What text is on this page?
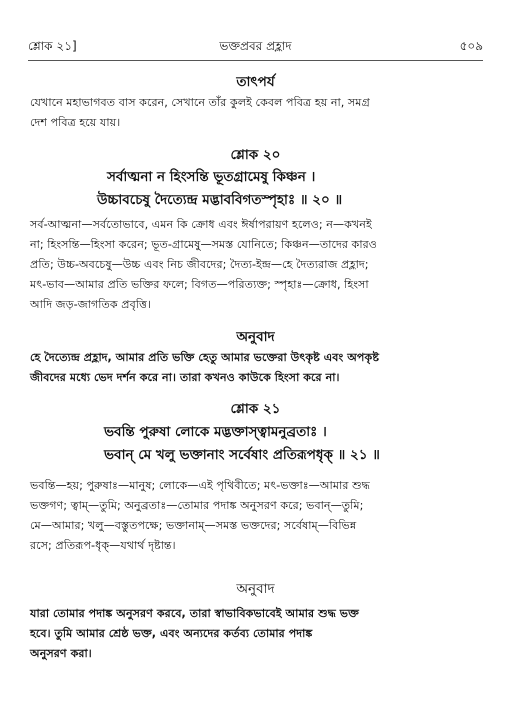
শ্লোক ২১]	ভক্তপ্রবর প্রহ্লাদ	৫০৯
তাৎপর্য
যেখানে মহাভাগবত বাস করেন, সেখানে তাঁর কুলই কেবল পবিত্র হয় না, সমগ্র
দেশ পবিত্র হয়ে যায়।
শ্লোক ২০
সর্বাত্মনা ন হিংসন্তি ভূতগ্রামেষু কিঞ্চন ।
উচ্চাবচেষু দৈত্যেন্দ্র মদ্ভাববিগতস্পৃহাঃ ॥ ২০ ॥
সর্ব-আত্মনা—সর্বতোভাবে, এমন কি ক্রোধ এবং ঈর্ষাপরায়ণ হলেও; ন—কখনই
না; হিংসন্তি—হিংসা করেন; ভূত-গ্রামেষু—সমস্ত যোনিতে; কিঞ্চন—তাদের কারও
প্রতি; উচ্চ-অবচেষু—উচ্চ এবং নিচ জীবদের; দৈত্য-ইন্দ্র—হে দৈত্যরাজ প্রহ্লাদ;
মৎ-ভাব—আমার প্রতি ভক্তির ফলে; বিগত—পরিত্যক্ত; স্পৃহাঃ—ক্রোধ, হিংসা
আদি জড়-জাগতিক প্রবৃত্তি।
অনুবাদ
হে দৈত্যেন্দ্র প্রহ্লাদ, আমার প্রতি ভক্তি হেতু আমার ভক্তেরা উৎকৃষ্ট এবং অপকৃষ্ট
জীবদের মধ্যে ভেদ দর্শন করে না। তারা কখনও কাউকে হিংসা করে না।
শ্লোক ২১
ভবন্তি পুরুষা লোকে মদ্ভক্তাস্ত্বামনুব্রতাঃ ।
ভবান্ মে খলু ভক্তানাং সর্বেষাং প্রতিরূপধৃক্ ॥ ২১ ॥
ভবন্তি—হয়; পুরুষাঃ—মানুষ; লোকে—এই পৃথিবীতে; মৎ-ভক্তাঃ—আমার শুদ্ধ
ভক্তগণ; ত্বাম্—তুমি; অনুব্রতাঃ—তোমার পদাঙ্ক অনুসরণ করে; ভবান্—তুমি;
মে—আমার; খলু—বস্তুতপক্ষে; ভক্তানাম্—সমস্ত ভক্তদের; সর্বেষাম্—বিভিন্ন
রসে; প্রতিরূপ-ধৃক্—যথার্থ দৃষ্টান্ত।
অনুবাদ
যারা তোমার পদাঙ্ক অনুসরণ করবে, তারা স্বাভাবিকভাবেই আমার শুদ্ধ ভক্ত
হবে। তুমি আমার শ্রেষ্ঠ ভক্ত, এবং অন্যদের কর্তব্য তোমার পদাঙ্ক
অনুসরণ করা।
